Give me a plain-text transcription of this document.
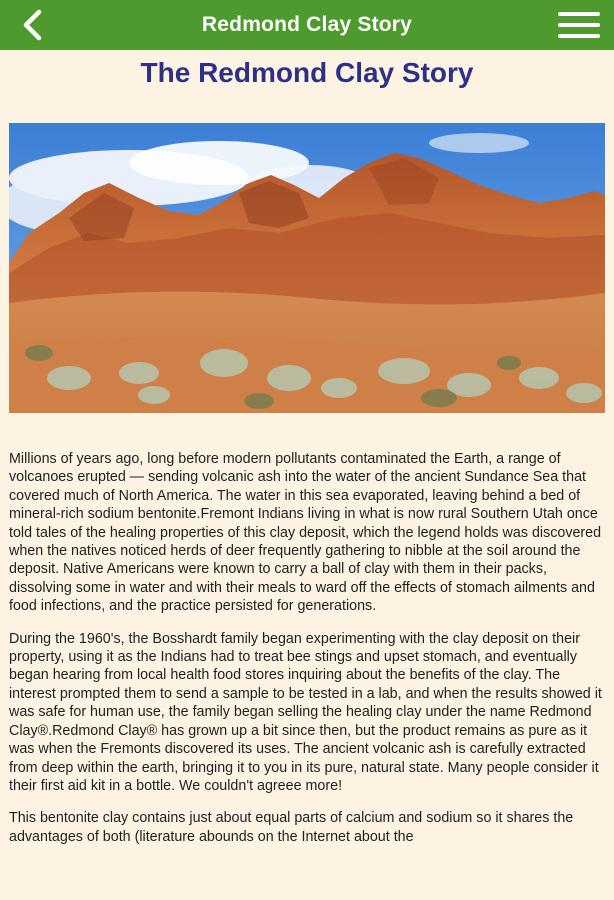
Redmond Clay Story
The Redmond Clay Story

Millions of years ago, long before modern pollutants contaminated the Earth, a range of volcanoes erupted — sending volcanic ash into the water of the ancient Sundance Sea that covered much of North America. The water in this sea evaporated, leaving behind a bed of mineral-rich sodium bentonite.Fremont Indians living in what is now rural Southern Utah once told tales of the healing properties of this clay deposit, which the legend holds was discovered when the natives noticed herds of deer frequently gathering to nibble at the soil around the deposit. Native Americans were known to carry a ball of clay with them in their packs, dissolving some in water and with their meals to ward off the effects of stomach ailments and food infections, and the practice persisted for generations.

During the 1960's, the Bosshardt family began experimenting with the clay deposit on their property, using it as the Indians had to treat bee stings and upset stomach, and eventually began hearing from local health food stores inquiring about the benefits of the clay. The interest prompted them to send a sample to be tested in a lab, and when the results showed it was safe for human use, the family began selling the healing clay under the name Redmond Clay®.Redmond Clay® has grown up a bit since then, but the product remains as pure as it was when the Fremonts discovered its uses. The ancient volcanic ash is carefully extracted from deep within the earth, bringing it to you in its pure, natural state. Many people consider it their first aid kit in a bottle. We couldn't agreee more!

This bentonite clay contains just about equal parts of calcium and sodium so it shares the advantages of both (literature abounds on the Internet about the
